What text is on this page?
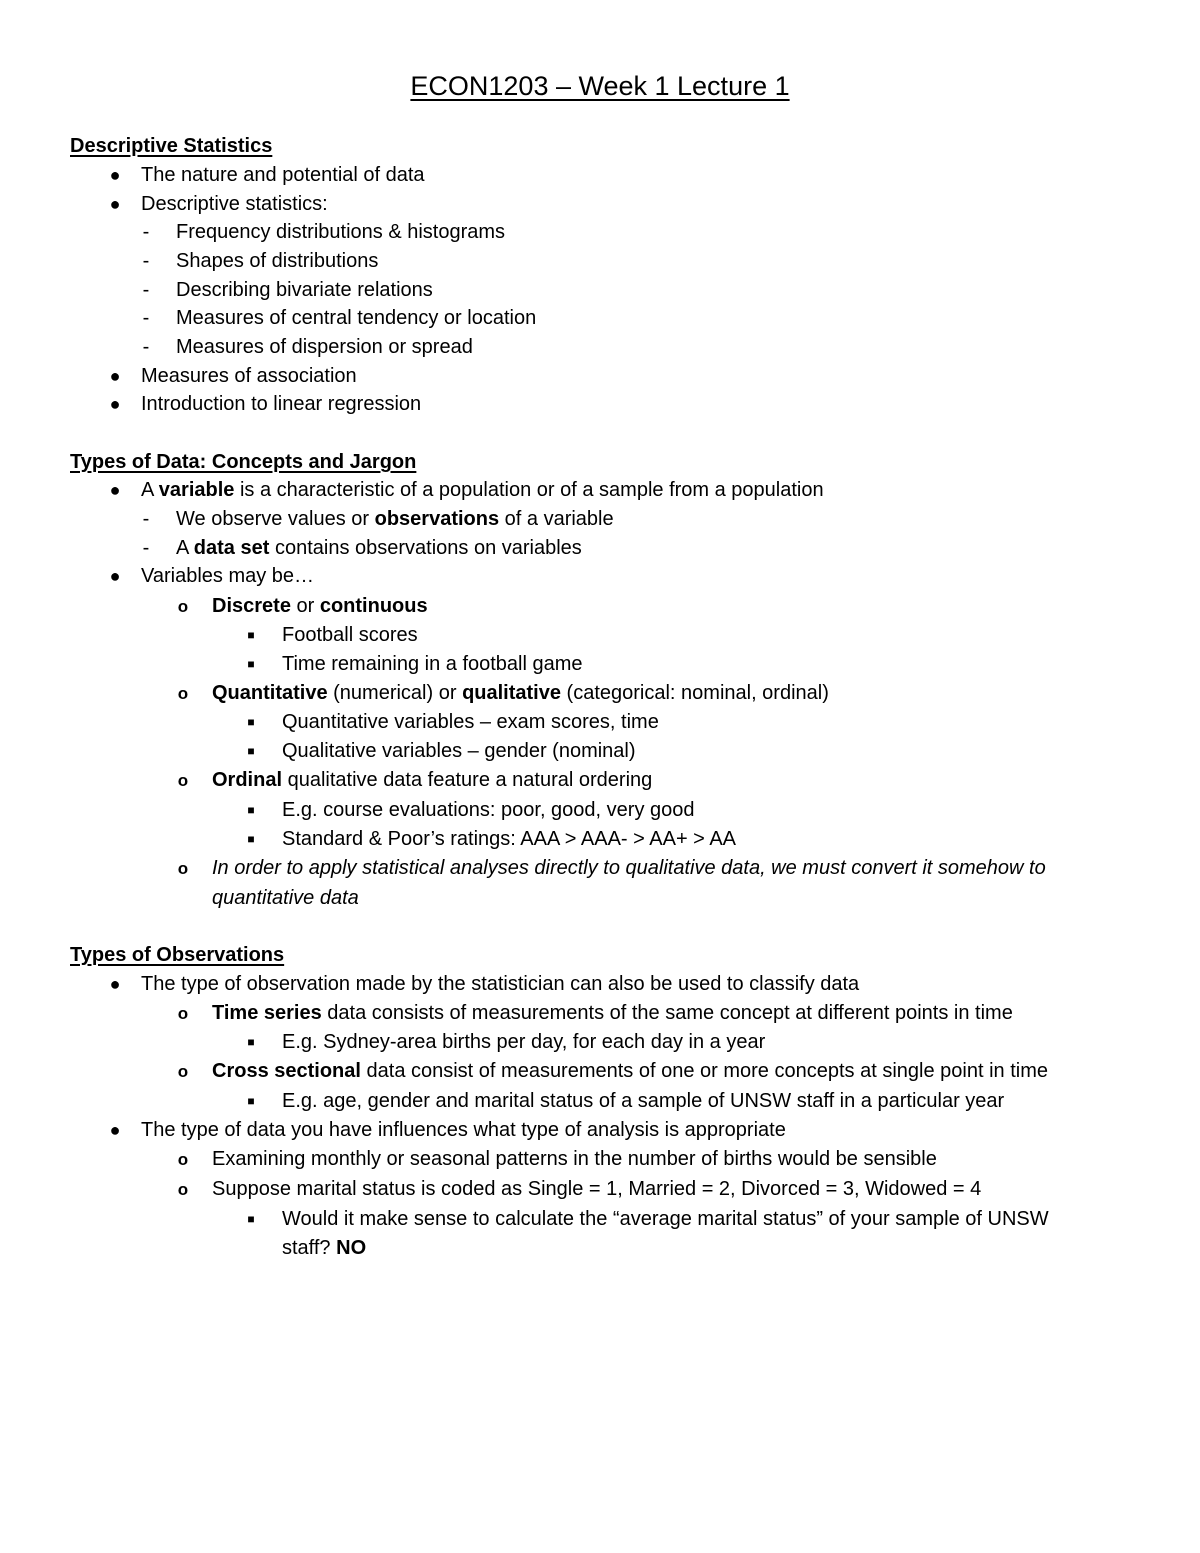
ECON1203 – Week 1 Lecture 1
Descriptive Statistics
● The nature and potential of data
● Descriptive statistics:
- Frequency distributions & histograms
- Shapes of distributions
- Describing bivariate relations
- Measures of central tendency or location
- Measures of dispersion or spread
● Measures of association
● Introduction to linear regression
Types of Data: Concepts and Jargon
● A variable is a characteristic of a population or of a sample from a population
- We observe values or observations of a variable
- A data set contains observations on variables
● Variables may be…
o Discrete or continuous
■ Football scores
■ Time remaining in a football game
o Quantitative (numerical) or qualitative (categorical: nominal, ordinal)
■ Quantitative variables – exam scores, time
■ Qualitative variables – gender (nominal)
o Ordinal qualitative data feature a natural ordering
■ E.g. course evaluations: poor, good, very good
■ Standard & Poor’s ratings: AAA > AAA- > AA+ > AA
o In order to apply statistical analyses directly to qualitative data, we must convert it somehow to
quantitative data
Types of Observations
● The type of observation made by the statistician can also be used to classify data
o Time series data consists of measurements of the same concept at different points in time
■ E.g. Sydney-area births per day, for each day in a year
o Cross sectional data consist of measurements of one or more concepts at single point in time
■ E.g. age, gender and marital status of a sample of UNSW staff in a particular year
● The type of data you have influences what type of analysis is appropriate
o Examining monthly or seasonal patterns in the number of births would be sensible
o Suppose marital status is coded as Single = 1, Married = 2, Divorced = 3, Widowed = 4
■ Would it make sense to calculate the “average marital status” of your sample of UNSW
staff? NO
